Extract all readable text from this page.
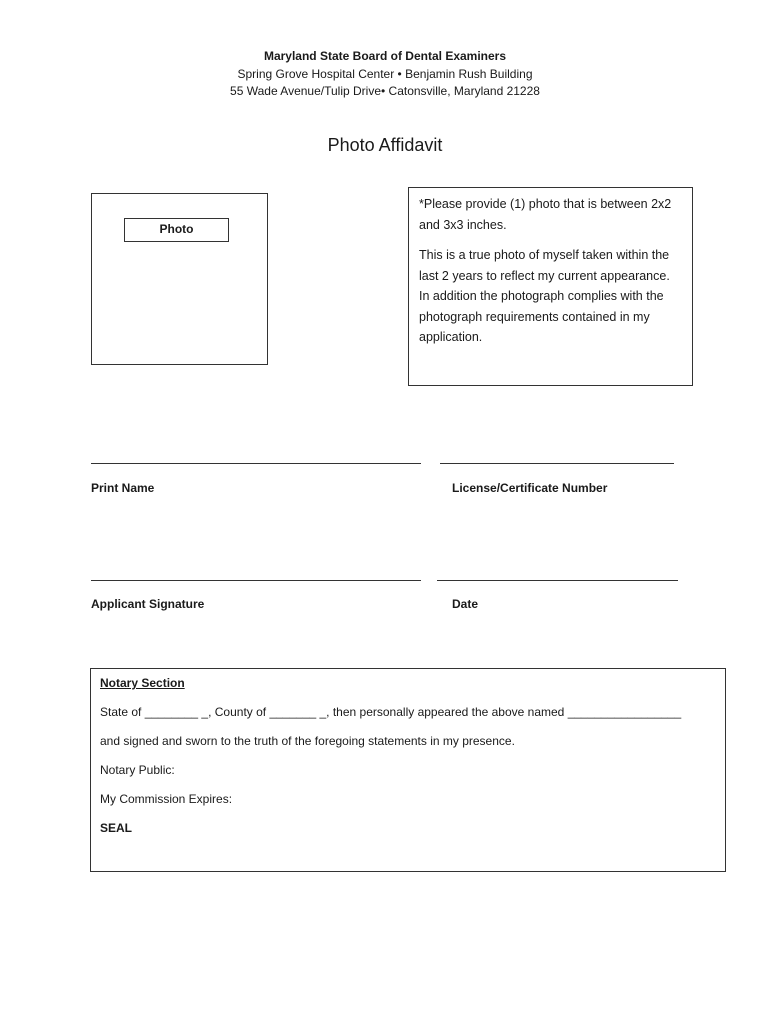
Maryland State Board of Dental Examiners
Spring Grove Hospital Center • Benjamin Rush Building
55 Wade Avenue/Tulip Drive• Catonsville, Maryland 21228
Photo Affidavit
Photo

*Please provide (1) photo that is between 2x2 and 3x3 inches.

This is a true photo of myself taken within the last 2 years to reflect my current appearance. In addition the photograph complies with the photograph requirements contained in my application.

Print Name	License/Certificate Number
Applicant Signature	Date
Notary Section
State of ________ _, County of _______ _, then personally appeared the above named _________________
and signed and sworn to the truth of the foregoing statements in my presence.
Notary Public:
My Commission Expires:
SEAL
